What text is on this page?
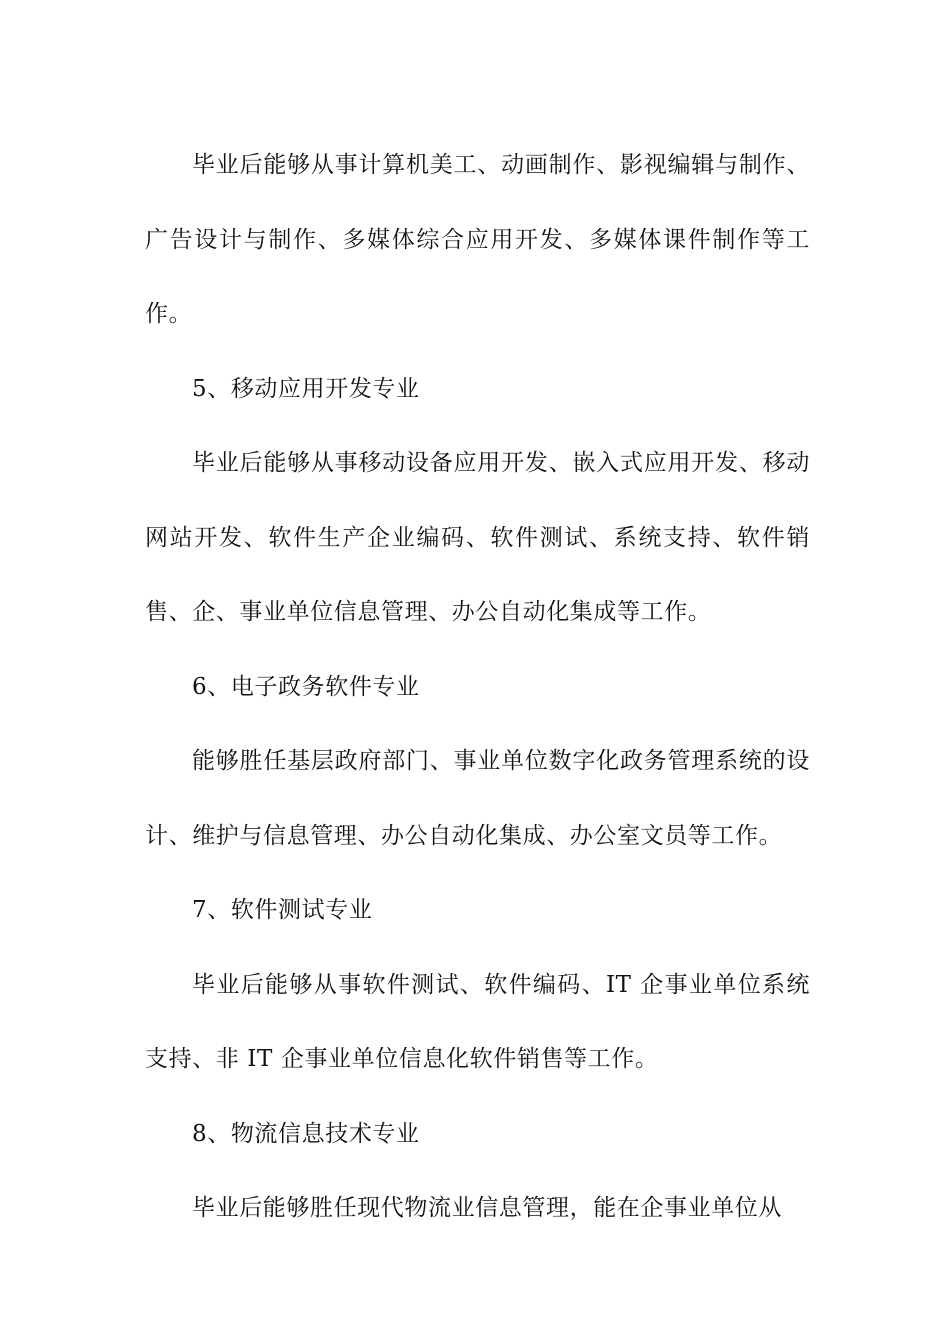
毕业后能够从事计算机美工、动画制作、影视编辑与制作、广告设计与制作、多媒体综合应用开发、多媒体课件制作等工作。

5、移动应用开发专业

毕业后能够从事移动设备应用开发、嵌入式应用开发、移动网站开发、软件生产企业编码、软件测试、系统支持、软件销售、企、事业单位信息管理、办公自动化集成等工作。

6、电子政务软件专业

能够胜任基层政府部门、事业单位数字化政务管理系统的设计、维护与信息管理、办公自动化集成、办公室文员等工作。

7、软件测试专业

毕业后能够从事软件测试、软件编码、IT 企事业单位系统支持、非 IT 企事业单位信息化软件销售等工作。

8、物流信息技术专业

毕业后能够胜任现代物流业信息管理，能在企事业单位从
